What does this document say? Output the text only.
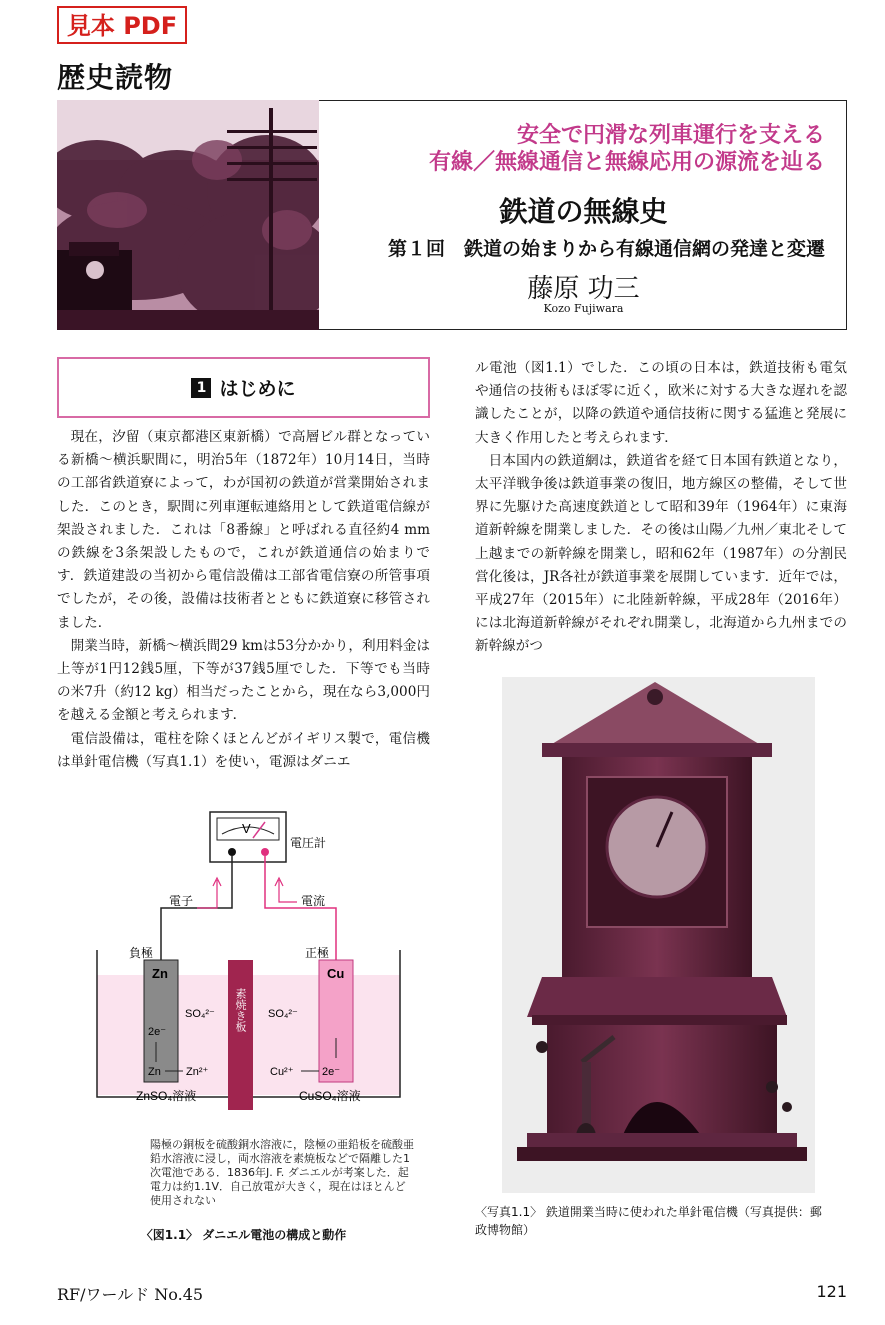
見本 PDF
歴史読物
安全で円滑な列車運行を支える
有線／無線通信と無線応用の源流を辿る
鉄道の無線史
第１回　鉄道の始まりから有線通信網の発達と変遷
藤原 功三
Kozo Fujiwara
1 はじめに

現在，汐留（東京都港区東新橋）で高層ビル群となっている新橋〜横浜駅間に，明治5年（1872年）10月14日，当時の工部省鉄道寮によって，わが国初の鉄道が営業開始されました．このとき，駅間に列車運転連絡用として鉄道電信線が架設されました．これは「8番線」と呼ばれる直径約4 mmの鉄線を3条架設したもので，これが鉄道通信の始まりです．鉄道建設の当初から電信設備は工部省電信寮の所管事項でしたが，その後，設備は技術者とともに鉄道寮に移管されました．

開業当時，新橋〜横浜間29 kmは53分かかり，利用料金は上等が1円12銭5厘，下等が37銭5厘でした．下等でも当時の米7升（約12 kg）相当だったことから，現在なら3,000円を越える金額と考えられます．

電信設備は，電柱を除くほとんどがイギリス製で，電信機は単針電信機（写真1.1）を使い，電源はダニエ

ル電池（図1.1）でした．この頃の日本は，鉄道技術も電気や通信の技術もほぼ零に近く，欧米に対する大きな遅れを認識したことが，以降の鉄道や通信技術に関する猛進と発展に大きく作用したと考えられます．

日本国内の鉄道網は，鉄道省を経て日本国有鉄道となり，太平洋戦争後は鉄道事業の復旧，地方線区の整備，そして世界に先駆けた高速度鉄道として昭和39年（1964年）に東海道新幹線を開業しました．その後は山陽／九州／東北そして上越までの新幹線を開業し，昭和62年（1987年）の分割民営化後は，JR各社が鉄道事業を展開しています．近年では，平成27年（2015年）に北陸新幹線，平成28年（2016年）には北海道新幹線がそれぞれ開業し，北海道から九州までの新幹線がつ

V
電圧計
電子	電流
負極	正極
Zn	Cu
素焼き板
SO₄²⁻	SO₄²⁻
2e⁻
Zn Zn²⁺	Cu²⁺	2e⁻
ZnSO₄溶液	CuSO₄溶液
陽極の銅板を硫酸銅水溶液に，陰極の亜鉛板を硫酸亜鉛水溶液に浸し，両水溶液を素焼板などで隔離した1次電池である．1836年J. F. ダニエルが考案した．起電力は約1.1V．自己放電が大きく，現在はほとんど使用されない
〈図1.1〉 ダニエル電池の構成と動作
〈写真1.1〉 鉄道開業当時に使われた単針電信機（写真提供：郵政博物館）
RF/ワールド No.45	121
